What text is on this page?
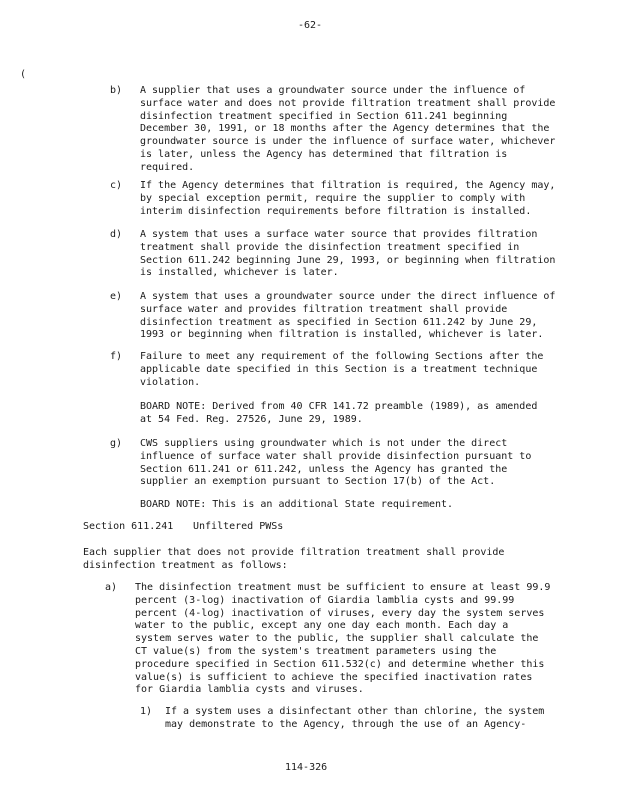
-62-
(
b) A supplier that uses a groundwater source under the influence of
surface water and does not provide filtration treatment shall provide
disinfection treatment specified in Section 611.241 beginning
December 30, 1991, or 18 months after the Agency determines that the
groundwater source is under the influence of surface water, whichever
is later, unless the Agency has determined that filtration is
required.
c) If the Agency determines that filtration is required, the Agency may,
by special exception permit, require the supplier to comply with
interim disinfection requirements before filtration is installed.
d) A system that uses a surface water source that provides filtration
treatment shall provide the disinfection treatment specified in
Section 611.242 beginning June 29, 1993, or beginning when filtration
is installed, whichever is later.
e) A system that uses a groundwater source under the direct influence of
surface water and provides filtration treatment shall provide
disinfection treatment as specified in Section 611.242 by June 29,
1993 or beginning when filtration is installed, whichever is later.
f) Failure to meet any requirement of the following Sections after the
applicable date specified in this Section is a treatment technique
violation.
BOARD NOTE: Derived from 40 CFR 141.72 preamble (1989), as amended
at 54 Fed. Reg. 27526, June 29, 1989.
g) CWS suppliers using groundwater which is not under the direct
influence of surface water shall provide disinfection pursuant to
Section 611.241 or 611.242, unless the Agency has granted the
supplier an exemption pursuant to Section 17(b) of the Act.
BOARD NOTE: This is an additional State requirement.
Section 611.241 Unfiltered PWSs
Each supplier that does not provide filtration treatment shall provide
disinfection treatment as follows:
a) The disinfection treatment must be sufficient to ensure at least 99.9
percent (3-log) inactivation of Giardia lamblia cysts and 99.99
percent (4-log) inactivation of viruses, every day the system serves
water to the public, except any one day each month. Each day a
system serves water to the public, the supplier shall calculate the
CT value(s) from the system's treatment parameters using the
procedure specified in Section 611.532(c) and determine whether this
value(s) is sufficient to achieve the specified inactivation rates
for Giardia lamblia cysts and viruses.
1) If a system uses a disinfectant other than chlorine, the system
may demonstrate to the Agency, through the use of an Agency-
114-326
